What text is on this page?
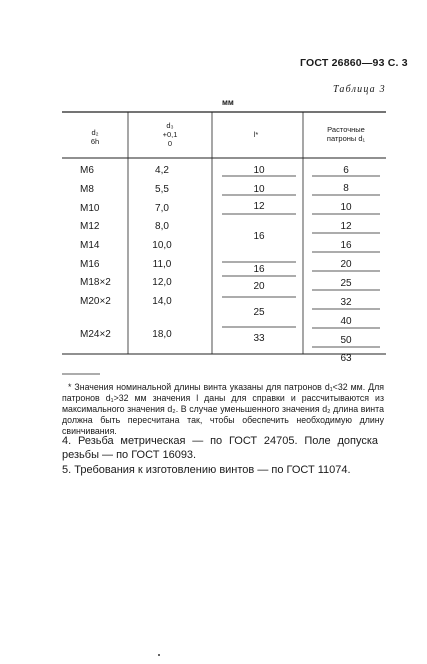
ГОСТ 26860—93 С. 3
Таблица 3
мм
d₂
6h
d₃
+0,1
0
l*
Расточные
патроны d₁
M6
M8
M10
M12
M14
M16
M18×2
M20×2
M24×2
4,2
5,5
7,0
8,0
10,0
11,0
12,0
14,0
18,0
10
10
12
16
16
20
25
33
6
8
10
12
16
20
25
32
40
50
63

* Значения номинальной длины винта указаны для патронов d₁<32 мм. Для патронов d₁>32 мм значения l даны для справки и рассчитываются из максимального значения d₂. В случае уменьшенного значения d₂ длина винта должна быть пересчитана так, чтобы обеспечить необходимую длину свинчивания.

4. Резьба метрическая — по ГОСТ 24705. Поле допуска резьбы — по ГОСТ 16093.
5. Требования к изготовлению винтов — по ГОСТ 11074.
